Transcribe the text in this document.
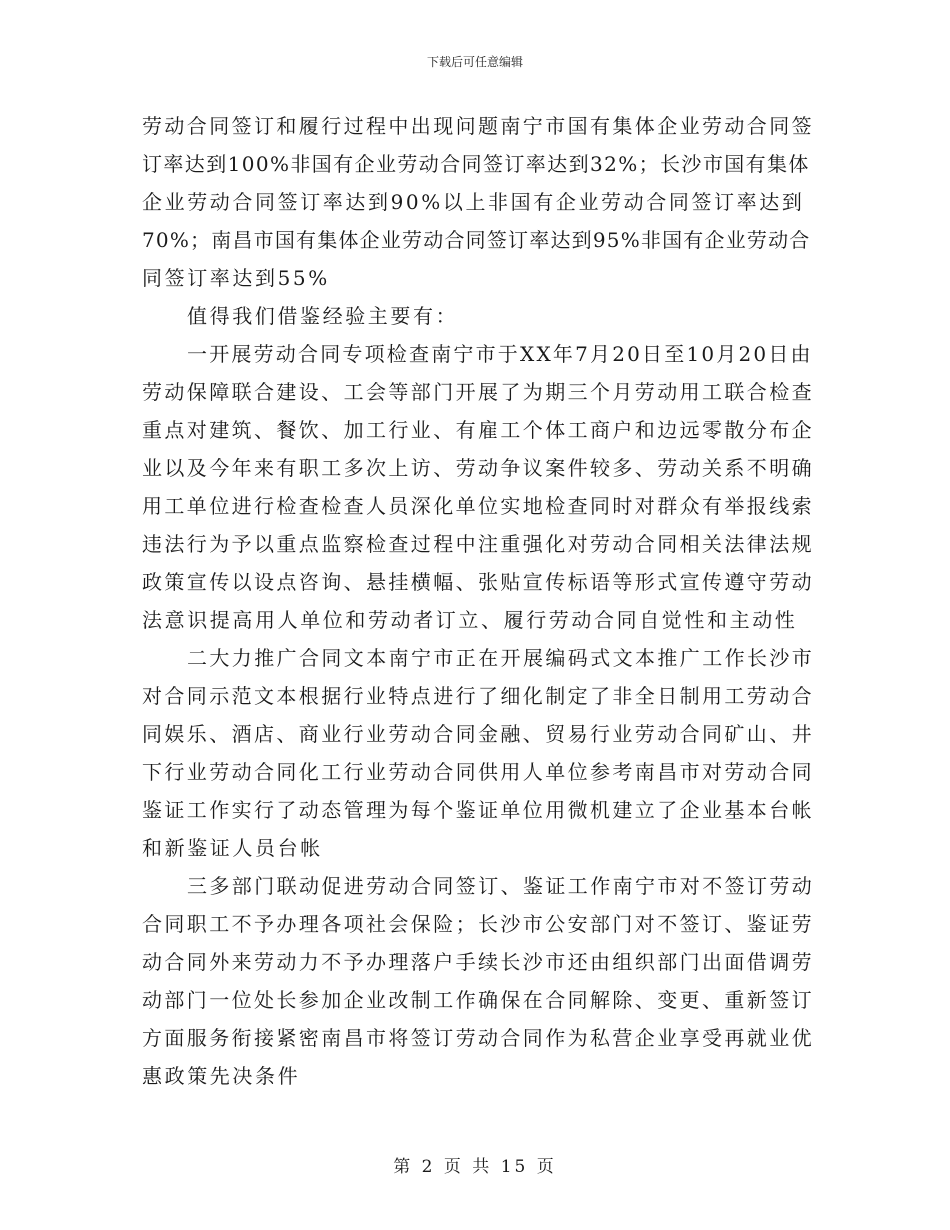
下载后可任意编辑
劳动合同签订和履行过程中出现问题南宁市国有集体企业劳动合同签
订率达到100%非国有企业劳动合同签订率达到32%；长沙市国有集体
企业劳动合同签订率达到90%以上非国有企业劳动合同签订率达到
70%；南昌市国有集体企业劳动合同签订率达到95%非国有企业劳动合
同签订率达到55%
值得我们借鉴经验主要有：
一开展劳动合同专项检查南宁市于XX年7月20日至10月20日由
劳动保障联合建设、工会等部门开展了为期三个月劳动用工联合检查
重点对建筑、餐饮、加工行业、有雇工个体工商户和边远零散分布企
业以及今年来有职工多次上访、劳动争议案件较多、劳动关系不明确
用工单位进行检查检查人员深化单位实地检查同时对群众有举报线索
违法行为予以重点监察检查过程中注重强化对劳动合同相关法律法规
政策宣传以设点咨询、悬挂横幅、张贴宣传标语等形式宣传遵守劳动
法意识提高用人单位和劳动者订立、履行劳动合同自觉性和主动性
二大力推广合同文本南宁市正在开展编码式文本推广工作长沙市
对合同示范文本根据行业特点进行了细化制定了非全日制用工劳动合
同娱乐、酒店、商业行业劳动合同金融、贸易行业劳动合同矿山、井
下行业劳动合同化工行业劳动合同供用人单位参考南昌市对劳动合同
鉴证工作实行了动态管理为每个鉴证单位用微机建立了企业基本台帐
和新鉴证人员台帐
三多部门联动促进劳动合同签订、鉴证工作南宁市对不签订劳动
合同职工不予办理各项社会保险；长沙市公安部门对不签订、鉴证劳
动合同外来劳动力不予办理落户手续长沙市还由组织部门出面借调劳
动部门一位处长参加企业改制工作确保在合同解除、变更、重新签订
方面服务衔接紧密南昌市将签订劳动合同作为私营企业享受再就业优
惠政策先决条件
第 2 页 共 15 页
